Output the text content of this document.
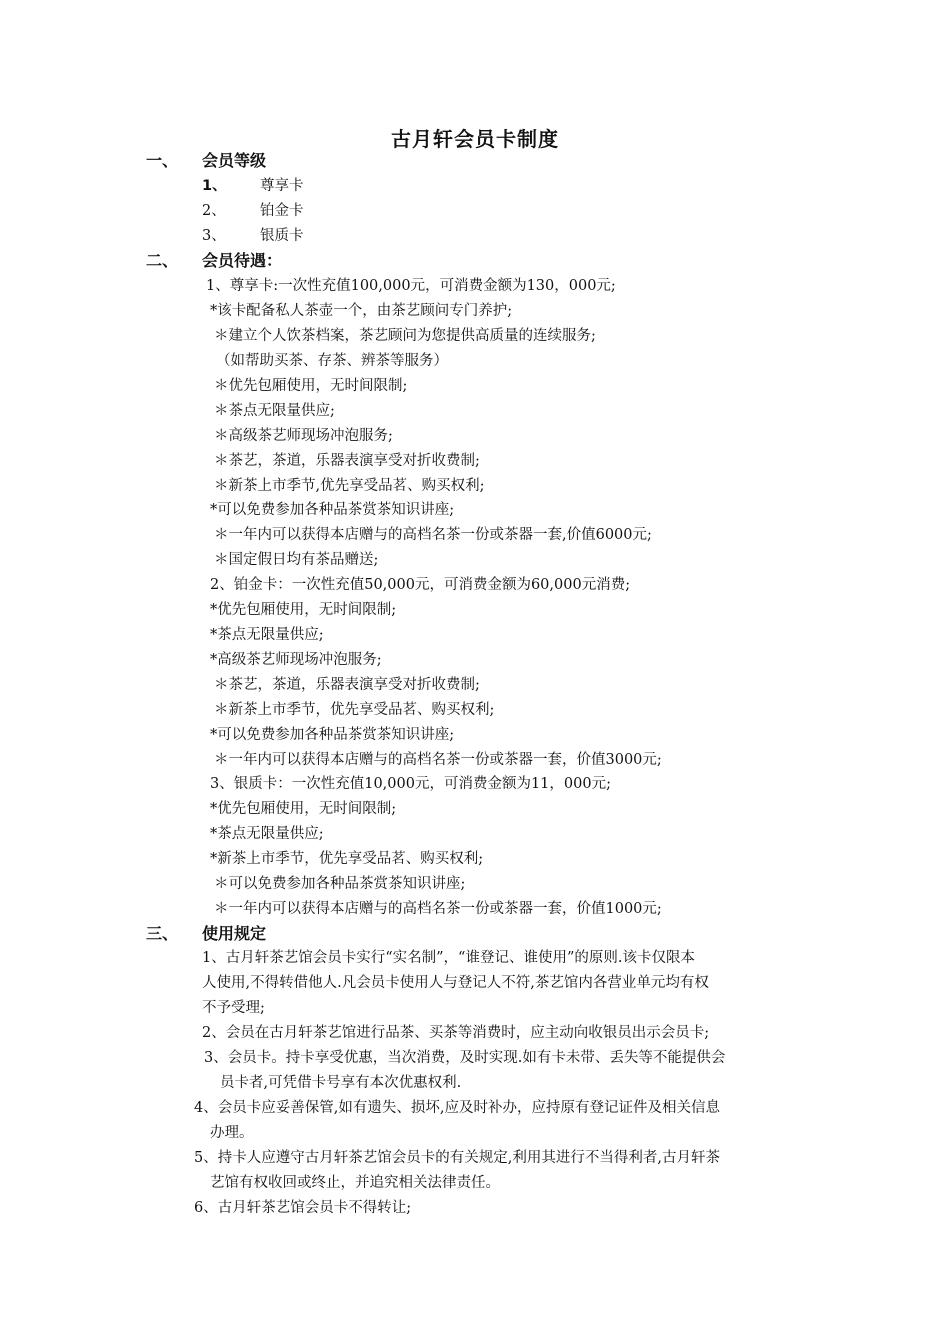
古月轩会员卡制度
一、 会员等级
1、 尊享卡
2、 铂金卡
3、 银质卡
二、 会员待遇：
1、尊享卡:一次性充值100,000元，可消费金额为130，000元;
*该卡配备私人茶壶一个，由茶艺顾问专门养护;
＊建立个人饮茶档案，茶艺顾问为您提供高质量的连续服务;
（如帮助买茶、存茶、辨茶等服务）
＊优先包厢使用，无时间限制;
＊茶点无限量供应;
＊高级茶艺师现场冲泡服务;
＊茶艺，茶道，乐器表演享受对折收费制;
＊新茶上市季节,优先享受品茗、购买权利;
*可以免费参加各种品茶赏茶知识讲座;
＊一年内可以获得本店赠与的高档名茶一份或茶器一套,价值6000元;
＊国定假日均有茶品赠送;
2、铂金卡：一次性充值50,000元，可消费金额为60,000元消费;
*优先包厢使用，无时间限制;
*茶点无限量供应;
*高级茶艺师现场冲泡服务;
＊茶艺，茶道，乐器表演享受对折收费制;
＊新茶上市季节，优先享受品茗、购买权利;
*可以免费参加各种品茶赏茶知识讲座;
＊一年内可以获得本店赠与的高档名茶一份或茶器一套，价值3000元;
3、银质卡：一次性充值10,000元，可消费金额为11，000元;
*优先包厢使用，无时间限制;
*茶点无限量供应;
*新茶上市季节，优先享受品茗、购买权利;
＊可以免费参加各种品茶赏茶知识讲座;
＊一年内可以获得本店赠与的高档名茶一份或茶器一套，价值1000元;
三、 使用规定
1、古月轩茶艺馆会员卡实行“实名制”，“谁登记、谁使用”的原则.该卡仅限本
人使用,不得转借他人.凡会员卡使用人与登记人不符,茶艺馆内各营业单元均有权
不予受理;
2、会员在古月轩茶艺馆进行品茶、买茶等消费时，应主动向收银员出示会员卡;
3、会员卡。持卡享受优惠，当次消费，及时实现.如有卡未带、丢失等不能提供会
员卡者,可凭借卡号享有本次优惠权利.
4、会员卡应妥善保管,如有遗失、损坏,应及时补办，应持原有登记证件及相关信息
办理。
5、持卡人应遵守古月轩茶艺馆会员卡的有关规定,利用其进行不当得利者,古月轩茶
艺馆有权收回或终止，并追究相关法律责任。
6、古月轩茶艺馆会员卡不得转让;
